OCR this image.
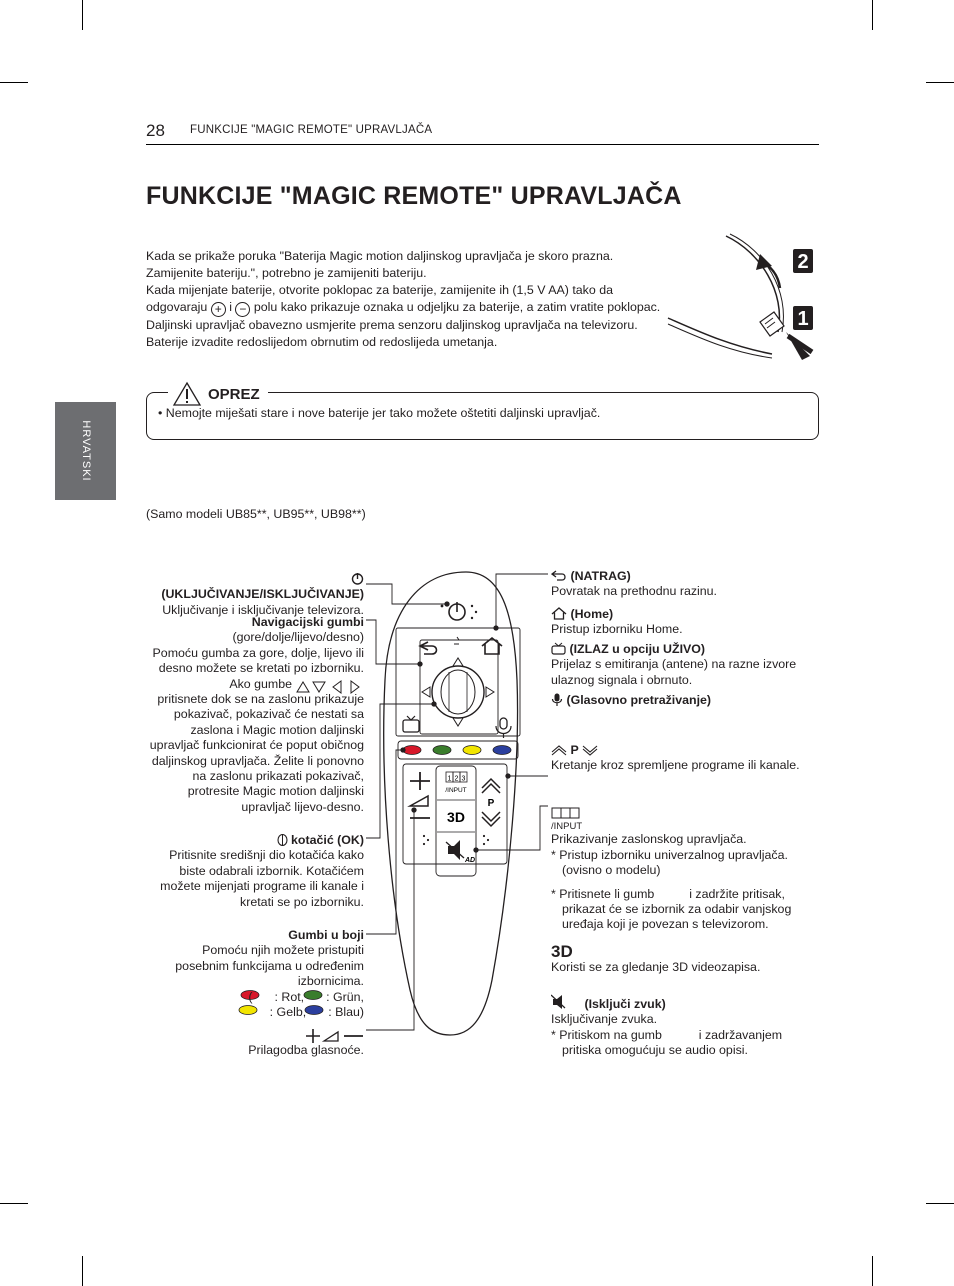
28 FUNKCIJE "MAGIC REMOTE" UPRAVLJAČA
FUNKCIJE "MAGIC REMOTE" UPRAVLJAČA
HRVATSKI

Kada se prikaže poruka "Baterija Magic motion daljinskog upravljača je skoro prazna. Zamijenite bateriju.", potrebno je zamijeniti bateriju.

Kada mijenjate baterije, otvorite poklopac za baterije, zamijenite ih (1,5 V AA) tako da odgovaraju + i − polu kako prikazuje oznaka u odjeljku za baterije, a zatim vratite poklopac. Daljinski upravljač obavezno usmjerite prema senzoru daljinskog upravljača na televizoru.

Baterije izvadite redoslijedom obrnutim od redoslijeda umetanja.

2
1
OPREZ
• Nemojte miješati stare i nove baterije jer tako možete oštetiti daljinski upravljač.
(Samo modeli UB85**, UB95**, UB98**)
1 2 3
/INPUT
3D
AD
P
(UKLJUČIVANJE/ISKLJUČIVANJE)
Uključivanje i isključivanje televizora.
Navigacijski gumbi
(gore/dolje/lijevo/desno)
Pomoću gumba za gore, dolje, lijevo ili desno možete se kretati po izborniku. Ako gumbe
pritisnete dok se na zaslonu prikazuje pokazivač, pokazivač će nestati sa zaslona i Magic motion daljinski upravljač funkcionirat će poput običnog daljinskog upravljača. Želite li ponovno na zaslonu prikazati pokazivač, protresite Magic motion daljinski upravljač lijevo-desno.
kotačić (OK)
Pritisnite središnji dio kotačića kako biste odabrali izbornik. Kotačićem možete mijenjati programe ili kanale i kretati se po izborniku.
Gumbi u boji
Pomoću njih možete pristupiti posebnim funkcijama u određenim izbornicima.
( : Rot, : Grün,
: Gelb, : Blau)
Prilagodba glasnoće.
(NATRAG)
Povratak na prethodnu razinu.
(Home)
Pristup izborniku Home.
(IZLAZ u opciju UŽIVO)
Prijelaz s emitiranja (antene) na razne izvore ulaznog signala i obrnuto.
(Glasovno pretraživanje)
P
Kretanje kroz spremljene programe ili kanale.
/INPUT
Prikazivanje zaslonskog upravljača.
* Pristup izborniku univerzalnog upravljača. (ovisno o modelu)
* Pritisnete li gumb	i zadržite pritisak, prikazat će se izbornik za odabir vanjskog uređaja koji je povezan s televizorom.
3D
Koristi se za gledanje 3D videozapisa.
(Isključi zvuk)
Isključivanje zvuka.
* Pritiskom na gumb	i zadržavanjem pritiska omogućuju se audio opisi.
